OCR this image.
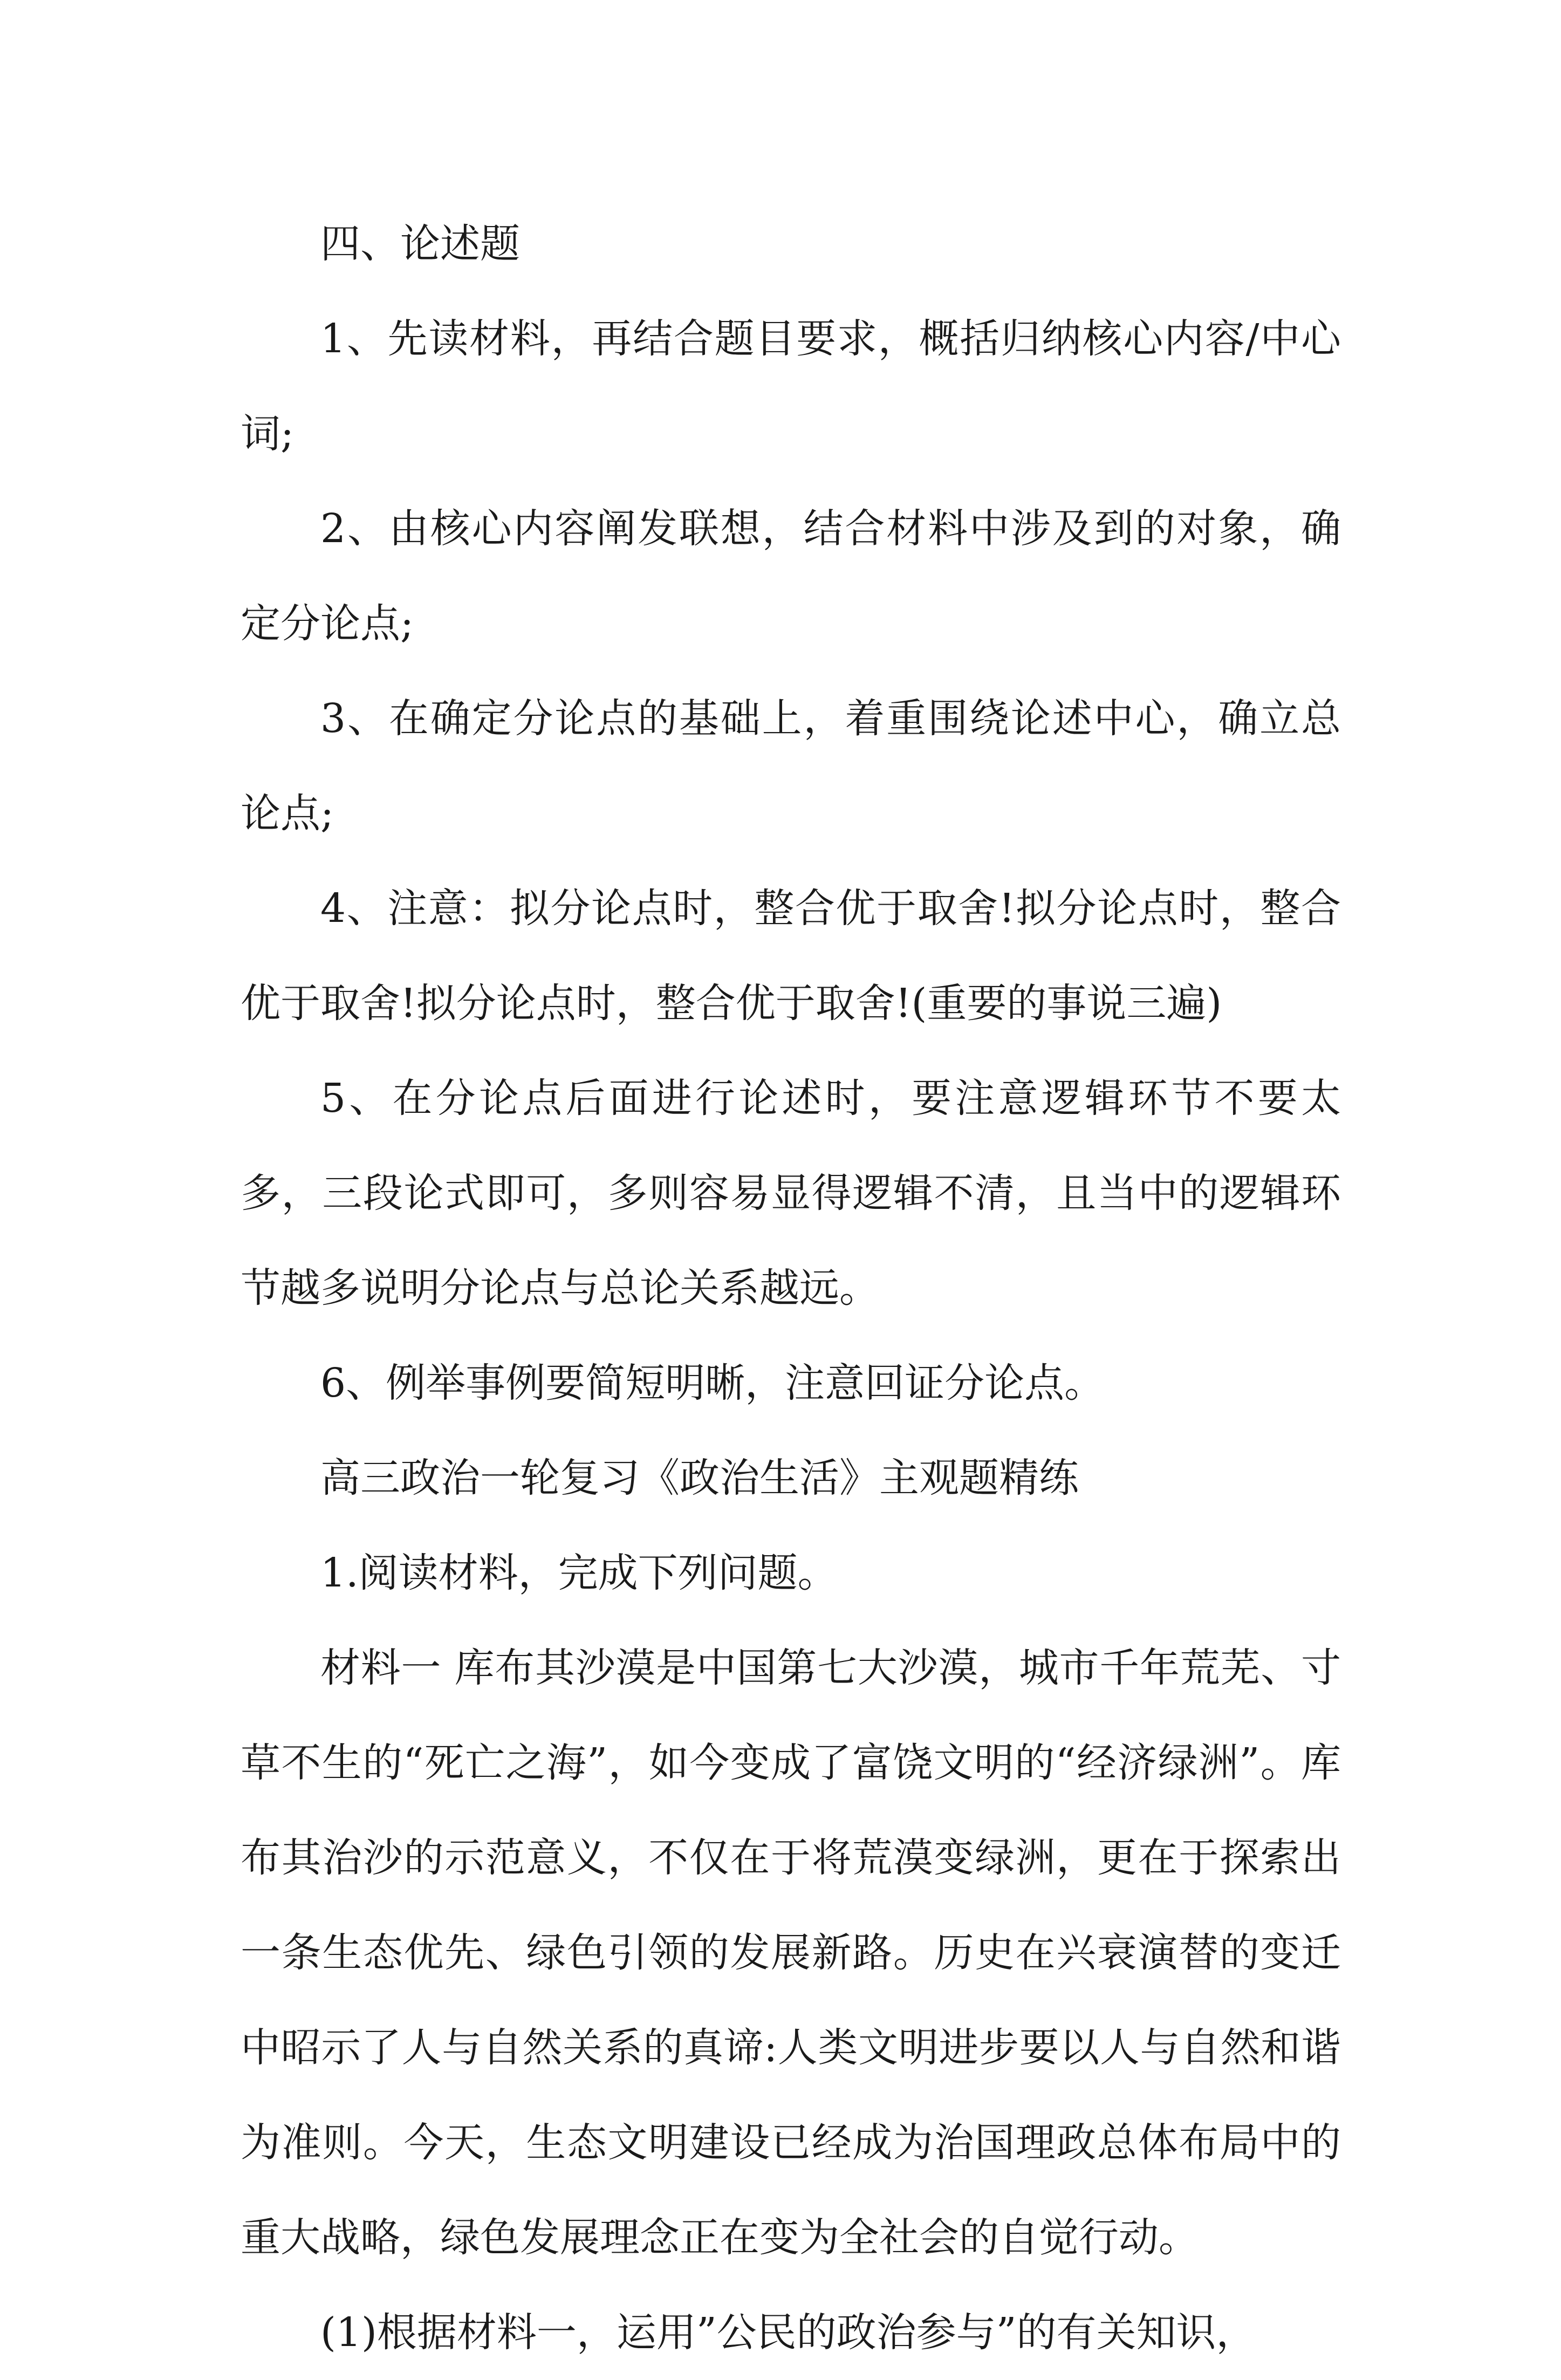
四、论述题

1、先读材料，再结合题目要求，概括归纳核心内容/中心词;

2、由核心内容阐发联想，结合材料中涉及到的对象，确定分论点;

3、在确定分论点的基础上，着重围绕论述中心，确立总论点;

4、注意：拟分论点时，整合优于取舍!拟分论点时，整合优于取舍!拟分论点时，整合优于取舍!(重要的事说三遍)

5、在分论点后面进行论述时，要注意逻辑环节不要太多，三段论式即可，多则容易显得逻辑不清，且当中的逻辑环节越多说明分论点与总论关系越远。

6、例举事例要简短明晰，注意回证分论点。

高三政治一轮复习《政治生活》主观题精练

1.阅读材料，完成下列问题。

材料一 库布其沙漠是中国第七大沙漠，城市千年荒芜、寸草不生的“死亡之海”，如今变成了富饶文明的“经济绿洲”。库布其治沙的示范意义，不仅在于将荒漠变绿洲，更在于探索出一条生态优先、绿色引领的发展新路。历史在兴衰演替的变迁中昭示了人与自然关系的真谛:人类文明进步要以人与自然和谐为准则。今天，生态文明建设已经成为治国理政总体布局中的重大战略，绿色发展理念正在变为全社会的自觉行动。

(1)根据材料一，运用”公民的政治参与”的有关知识，
